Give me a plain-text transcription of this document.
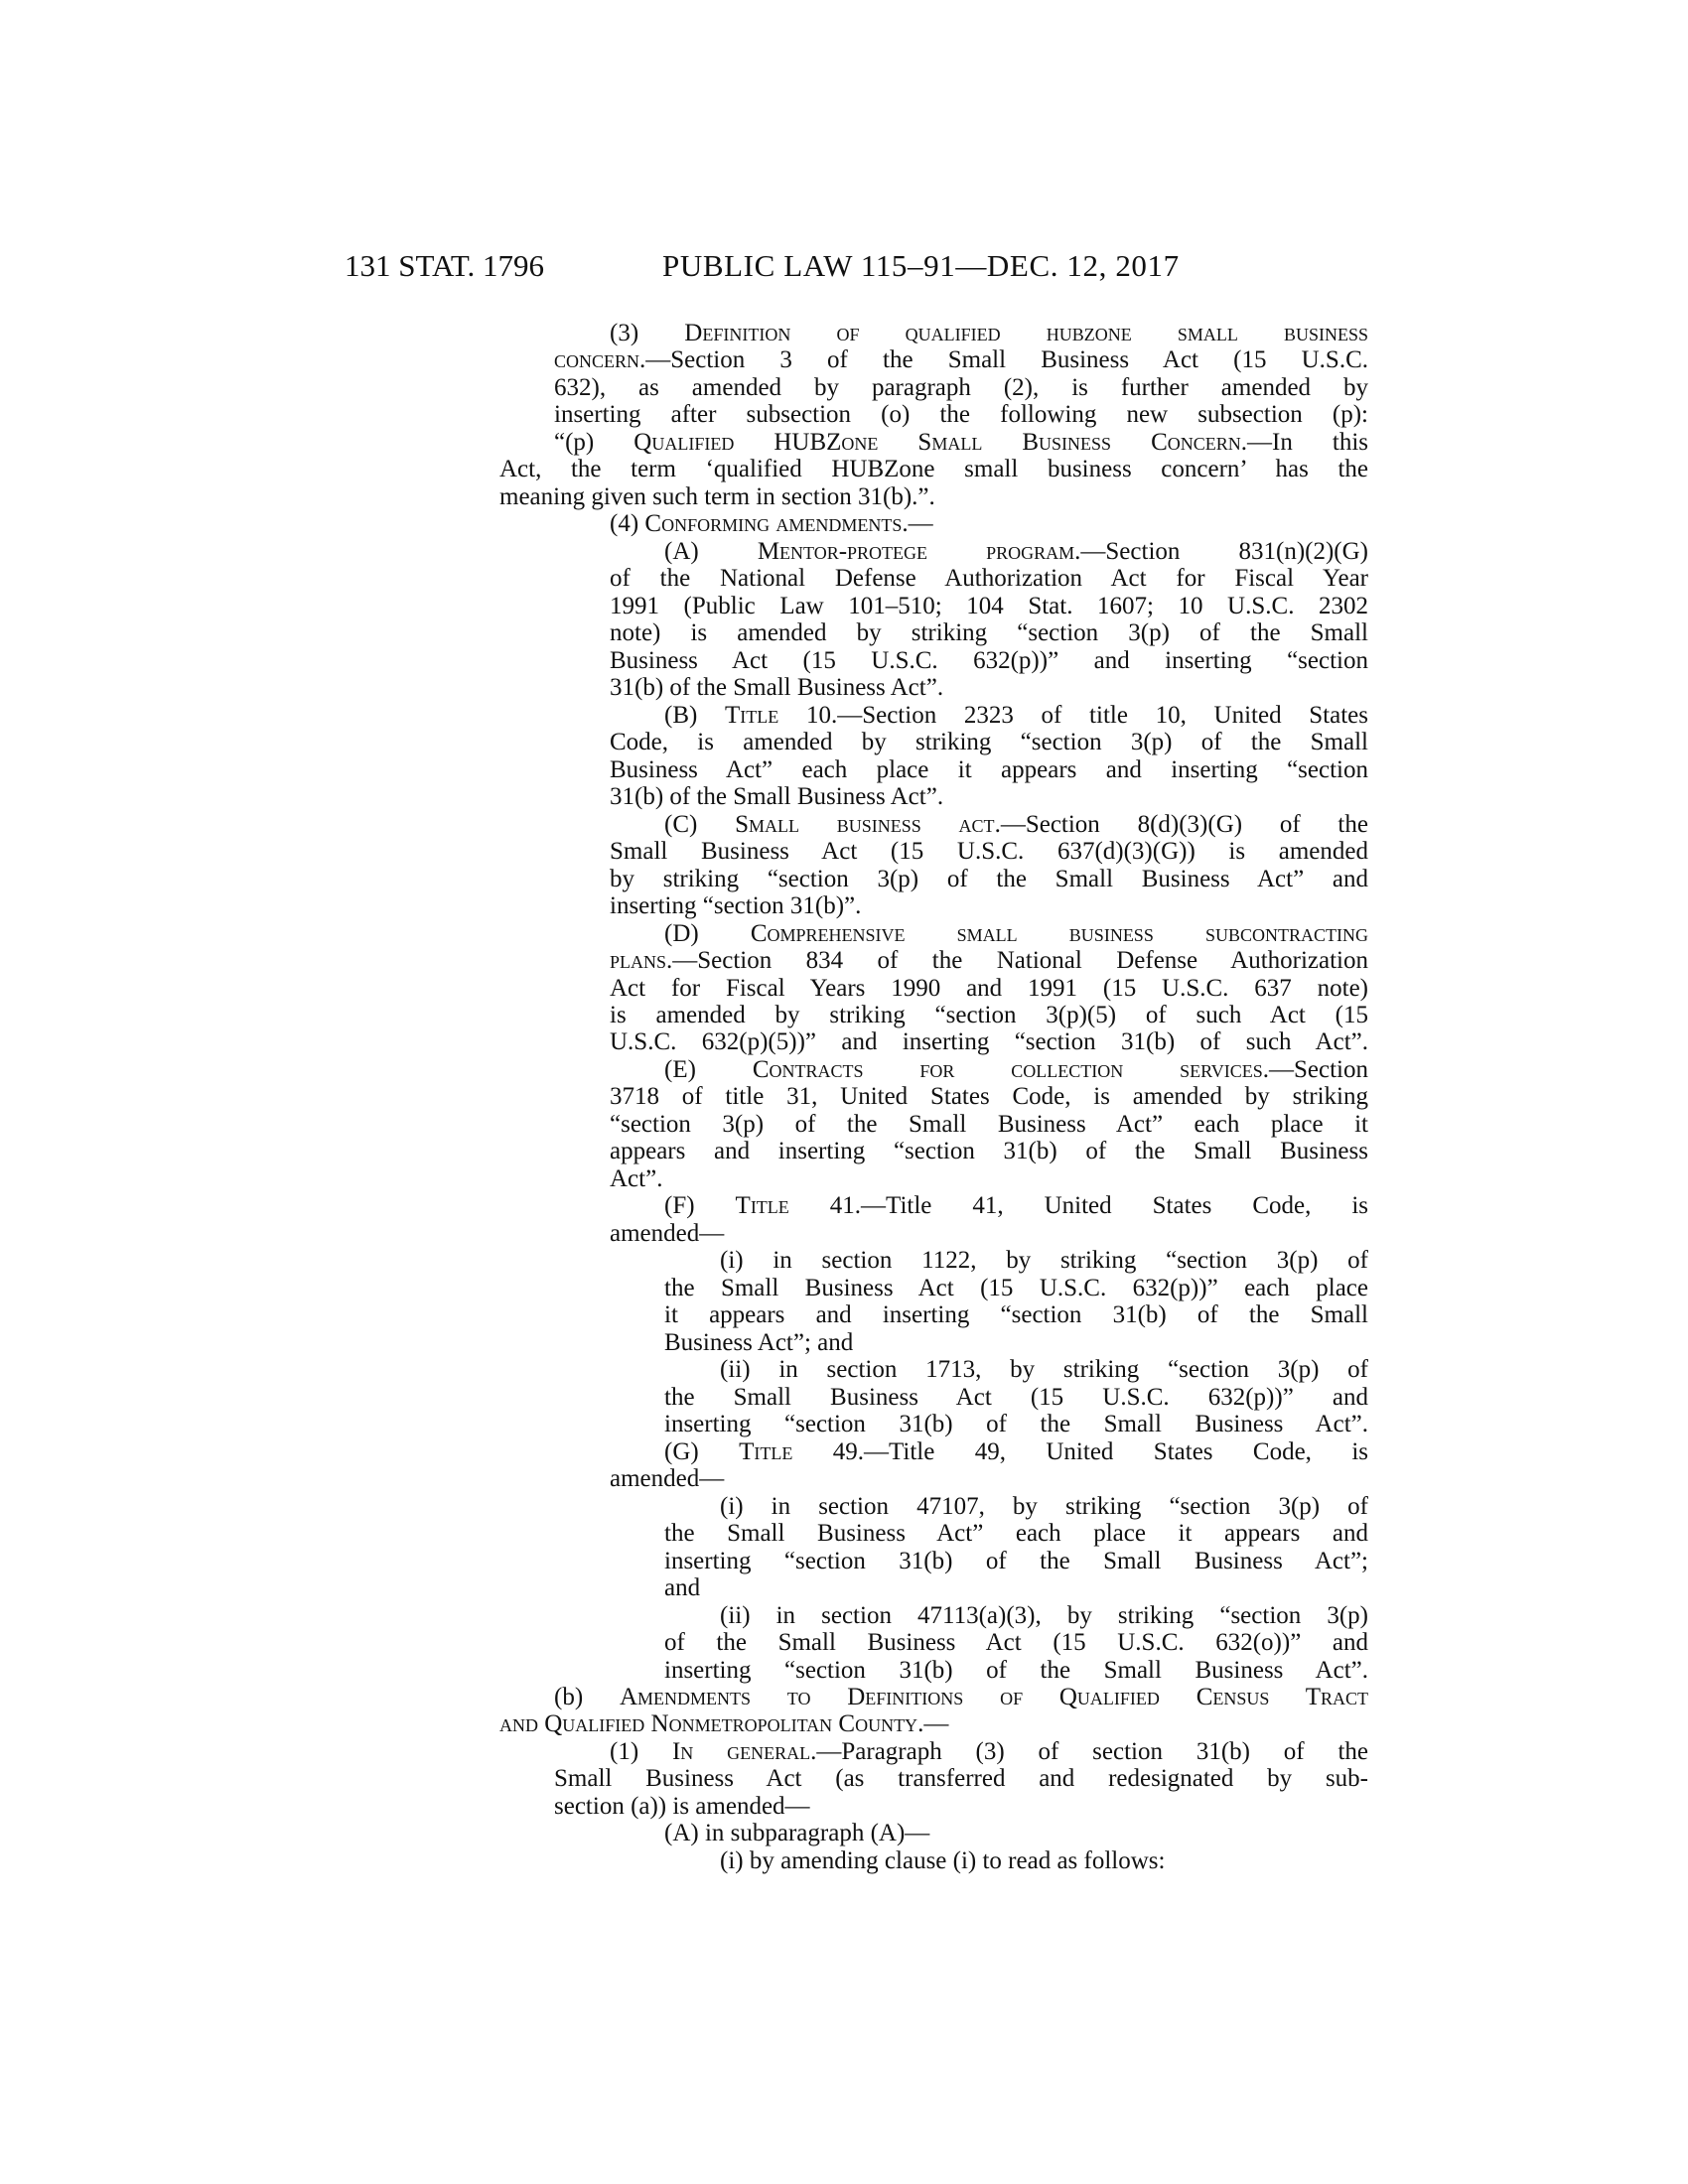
131 STAT. 1796	PUBLIC LAW 115–91—DEC. 12, 2017
(3) Definition of qualified hubzone small business
concern.—Section 3 of the Small Business Act (15 U.S.C.
632), as amended by paragraph (2), is further amended by
inserting after subsection (o) the following new subsection (p):
“(p) Qualified HUBZone Small Business Concern.—In this
Act, the term ‘qualified HUBZone small business concern’ has the
meaning given such term in section 31(b).”.
(4) Conforming amendments.—
(A) Mentor-protege program.—Section 831(n)(2)(G)
of the National Defense Authorization Act for Fiscal Year
1991 (Public Law 101–510; 104 Stat. 1607; 10 U.S.C. 2302
note) is amended by striking “section 3(p) of the Small
Business Act (15 U.S.C. 632(p))” and inserting “section
31(b) of the Small Business Act”.
(B) Title 10.—Section 2323 of title 10, United States
Code, is amended by striking “section 3(p) of the Small
Business Act” each place it appears and inserting “section
31(b) of the Small Business Act”.
(C) Small business act.—Section 8(d)(3)(G) of the
Small Business Act (15 U.S.C. 637(d)(3)(G)) is amended
by striking “section 3(p) of the Small Business Act” and
inserting “section 31(b)”.
(D) Comprehensive small business subcontracting
plans.—Section 834 of the National Defense Authorization
Act for Fiscal Years 1990 and 1991 (15 U.S.C. 637 note)
is amended by striking “section 3(p)(5) of such Act (15
U.S.C. 632(p)(5))” and inserting “section 31(b) of such Act”.
(E) Contracts for collection services.—Section
3718 of title 31, United States Code, is amended by striking
“section 3(p) of the Small Business Act” each place it
appears and inserting “section 31(b) of the Small Business
Act”.
(F) Title 41.—Title 41, United States Code, is
amended—
(i) in section 1122, by striking “section 3(p) of
the Small Business Act (15 U.S.C. 632(p))” each place
it appears and inserting “section 31(b) of the Small
Business Act”; and
(ii) in section 1713, by striking “section 3(p) of
the Small Business Act (15 U.S.C. 632(p))” and
inserting “section 31(b) of the Small Business Act”.
(G) Title 49.—Title 49, United States Code, is
amended—
(i) in section 47107, by striking “section 3(p) of
the Small Business Act” each place it appears and
inserting “section 31(b) of the Small Business Act”;
and
(ii) in section 47113(a)(3), by striking “section 3(p)
of the Small Business Act (15 U.S.C. 632(o))” and
inserting “section 31(b) of the Small Business Act”.
(b) Amendments to Definitions of Qualified Census Tract
and Qualified Nonmetropolitan County.—
(1) In general.—Paragraph (3) of section 31(b) of the
Small Business Act (as transferred and redesignated by sub-
section (a)) is amended—
(A) in subparagraph (A)—
(i) by amending clause (i) to read as follows:
